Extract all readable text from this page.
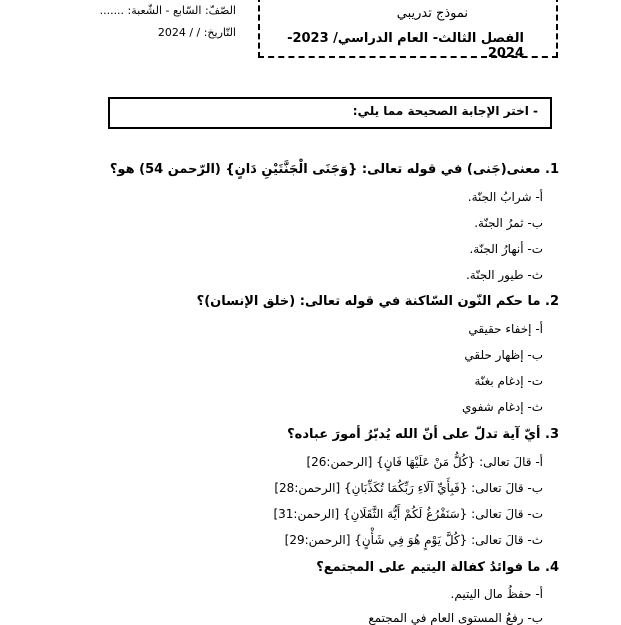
نموذج تدريبي
الفصل الثالث- العام الدراسي/ 2023-2024
الصّفّ: السّابع - الشّعبة: .......
التّاريخ: / / 2024
- اختر الإجابة الصحيحة مما يلي:
1. معنى(جَنى) في قوله تعالى: {وَجَنَى الْجَنَّتَيْنِ دَانٍ} (الرّحمن 54) هو؟
أ- شرابُ الجنّة.
ب- ثمرُ الجنّة.
ت- أنهارُ الجنّة.
ث- طيور الجنّة.
2. ما حكم النّون السّاكنة في قوله تعالى: (خلق الإنسان)؟
أ- إخفاء حقيقي
ب- إظهار حلقي
ت- إدغام بغنّة
ث- إدغام شفوي
3. أيّ آية تدلّ على أنّ الله يُدبّرُ أمورَ عباده؟
أ- قالَ تعالى: {كُلُّ مَنْ عَلَيْهَا فَانٍ} [الرحمن:26]
ب- قالَ تعالى: {فَبِأَيِّ آلَاءِ رَبِّكُمَا تُكَذِّبَانِ} [الرحمن:28]
ت- قالَ تعالى: {سَنَفْرُغُ لَكُمْ أَيُّهَ الثَّقَلَانِ} [الرحمن:31]
ث- قالَ تعالى: {كُلَّ يَوْمٍ هُوَ فِي شَأْنٍ} [الرحمن:29]
4. ما فوائدُ كفالة اليتيم على المجتمع؟
أ- حفظُ مال اليتيم.
ب- رفعُ المستوى العام في المجتمع
